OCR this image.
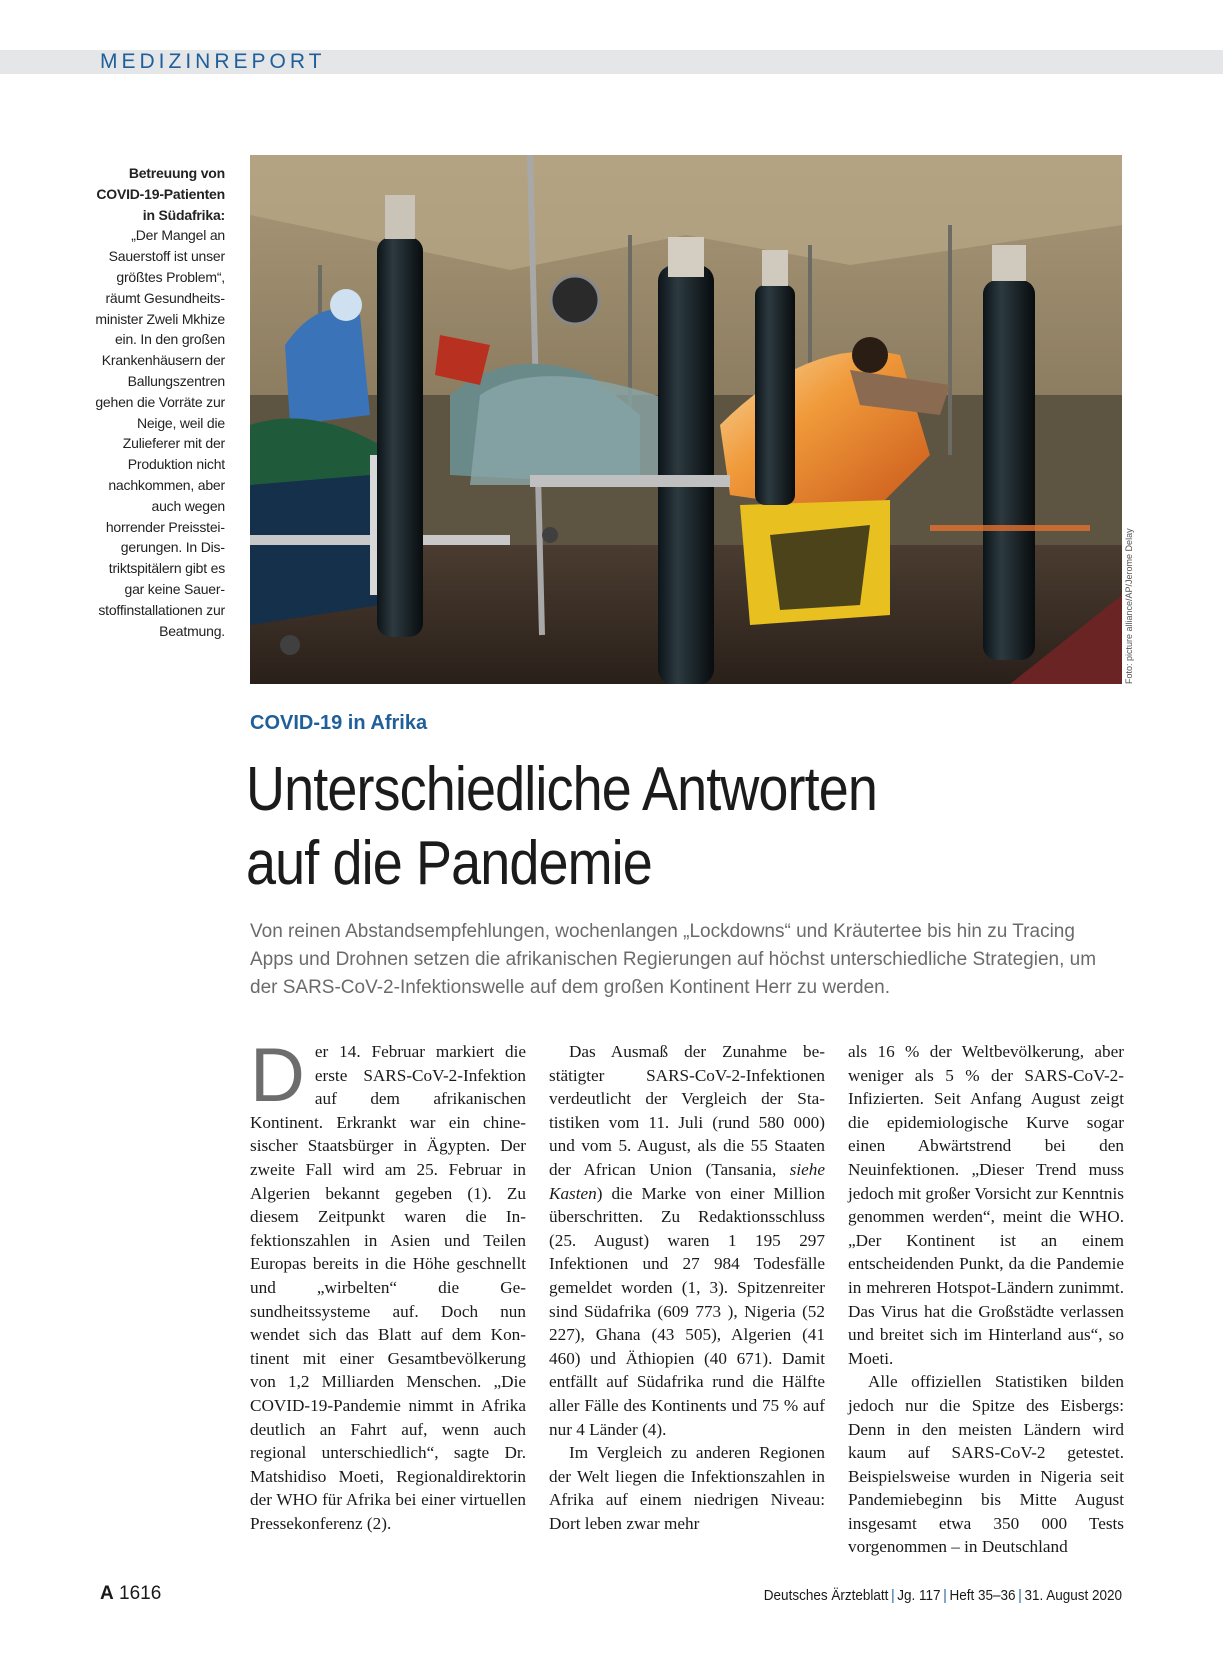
MEDIZINREPORT
Betreuung von COVID-19-Patienten in Südafrika:
„Der Mangel an Sauerstoff ist unser größtes Problem“, räumt Gesundheitsminister Zweli Mkhize ein. In den großen Krankenhäusern der Ballungszentren gehen die Vorräte zur Neige, weil die Zulieferer mit der Produktion nicht nachkommen, aber auch wegen horrender Preissteigerungen. In Distriktspitälern gibt es gar keine Sauerstoffinstallationen zur Beatmung.	Foto: picture alliance/AP/Jerome Delay
COVID-19 in Afrika
Unterschiedliche Antworten
auf die Pandemie
Von reinen Abstandsempfehlungen, wochenlangen „Lockdowns“ und Kräutertee bis hin zu Tracing Apps und Drohnen setzen die afrikanischen Regierungen auf höchst unterschiedliche Strategien, um der SARS-CoV-2-Infektionswelle auf dem großen Kontinent Herr zu werden.

Der 14. Februar markiert die erste SARS-CoV-2-Infektion auf dem afrikanischen Kontinent. Erkrankt war ein chinesischer Staatsbürger in Ägypten. Der zweite Fall wird am 25. Februar in Algerien bekannt gegeben (1). Zu diesem Zeitpunkt waren die Infektionszahlen in Asien und Teilen Europas bereits in die Höhe geschnellt und „wirbelten“ die Gesundheitssysteme auf. Doch nun wendet sich das Blatt auf dem Kontinent mit einer Gesamtbevölkerung von 1,2 Milliarden Menschen. „Die COVID-19-Pandemie nimmt in Afrika deutlich an Fahrt auf, wenn auch regional unterschiedlich“, sagte Dr. Matshidiso Moeti, Regionaldirektorin der WHO für Afrika bei einer virtuellen Pressekonferenz (2).

Das Ausmaß der Zunahme bestätigter SARS-CoV-2-Infektionen verdeutlicht der Vergleich der Statistiken vom 11. Juli (rund 580 000) und vom 5. August, als die 55 Staaten der African Union (Tansania, siehe Kasten) die Marke von einer Million überschritten. Zu Redaktionsschluss (25. August) waren 1 195 297 Infektionen und 27 984 Todesfälle gemeldet worden (1, 3). Spitzenreiter sind Südafrika (609 773 ), Nigeria (52 227), Ghana (43 505), Algerien (41 460) und Äthiopien (40 671). Damit entfällt auf Südafrika rund die Hälfte aller Fälle des Kontinents und 75 % auf nur 4 Länder (4).

Im Vergleich zu anderen Regionen der Welt liegen die Infektionszahlen in Afrika auf einem niedrigen Niveau: Dort leben zwar mehr

als 16 % der Weltbevölkerung, aber weniger als 5 % der SARS-CoV-2-Infizierten. Seit Anfang August zeigt die epidemiologische Kurve sogar einen Abwärtstrend bei den Neuinfektionen. „Dieser Trend muss jedoch mit großer Vorsicht zur Kenntnis genommen werden“, meint die WHO. „Der Kontinent ist an einem entscheidenden Punkt, da die Pandemie in mehreren Hotspot-Ländern zunimmt. Das Virus hat die Großstädte verlassen und breitet sich im Hinterland aus“, so Moeti.

Alle offiziellen Statistiken bilden jedoch nur die Spitze des Eisbergs: Denn in den meisten Ländern wird kaum auf SARS-CoV-2 getestet. Beispielsweise wurden in Nigeria seit Pandemiebeginn bis Mitte August insgesamt etwa 350 000 Tests vorgenommen – in Deutschland

A 1616	Deutsches Ärzteblatt | Jg. 117 | Heft 35–36 | 31. August 2020
